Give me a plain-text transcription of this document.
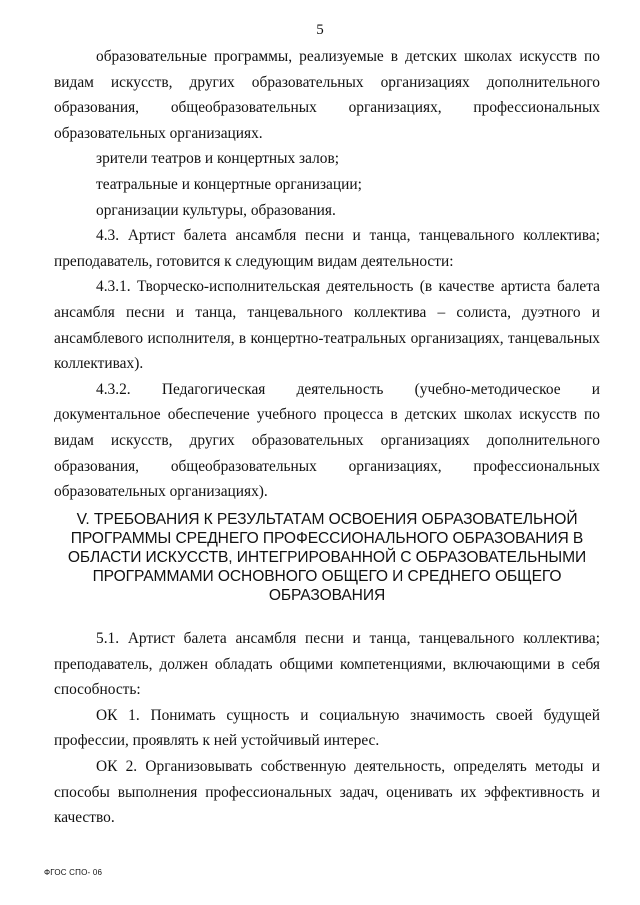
5

образовательные программы, реализуемые в детских школах искусств по видам искусств, других образовательных организациях дополнительного образования, общеобразовательных организациях, профессиональных образовательных организациях.

зрители театров и концертных залов;

театральные и концертные организации;

организации культуры, образования.

4.3. Артист балета ансамбля песни и танца, танцевального коллектива; преподаватель, готовится к следующим видам деятельности:

4.3.1. Творческо-исполнительская деятельность (в качестве артиста балета ансамбля песни и танца, танцевального коллектива – солиста, дуэтного и ансамблевого исполнителя, в концертно-театральных организациях, танцевальных коллективах).

4.3.2. Педагогическая деятельность (учебно-методическое и документальное обеспечение учебного процесса в детских школах искусств по видам искусств, других образовательных организациях дополнительного образования, общеобразовательных организациях, профессиональных образовательных организациях).

V. ТРЕБОВАНИЯ К РЕЗУЛЬТАТАМ ОСВОЕНИЯ ОБРАЗОВАТЕЛЬНОЙ ПРОГРАММЫ СРЕДНЕГО ПРОФЕССИОНАЛЬНОГО ОБРАЗОВАНИЯ В ОБЛАСТИ ИСКУССТВ, ИНТЕГРИРОВАННОЙ С ОБРАЗОВАТЕЛЬНЫМИ ПРОГРАММАМИ ОСНОВНОГО ОБЩЕГО И СРЕДНЕГО ОБЩЕГО ОБРАЗОВАНИЯ

5.1. Артист балета ансамбля песни и танца, танцевального коллектива; преподаватель, должен обладать общими компетенциями, включающими в себя способность:

ОК 1. Понимать сущность и социальную значимость своей будущей профессии, проявлять к ней устойчивый интерес.

ОК 2. Организовывать собственную деятельность, определять методы и способы выполнения профессиональных задач, оценивать их эффективность и качество.

ФГОС СПО- 06
